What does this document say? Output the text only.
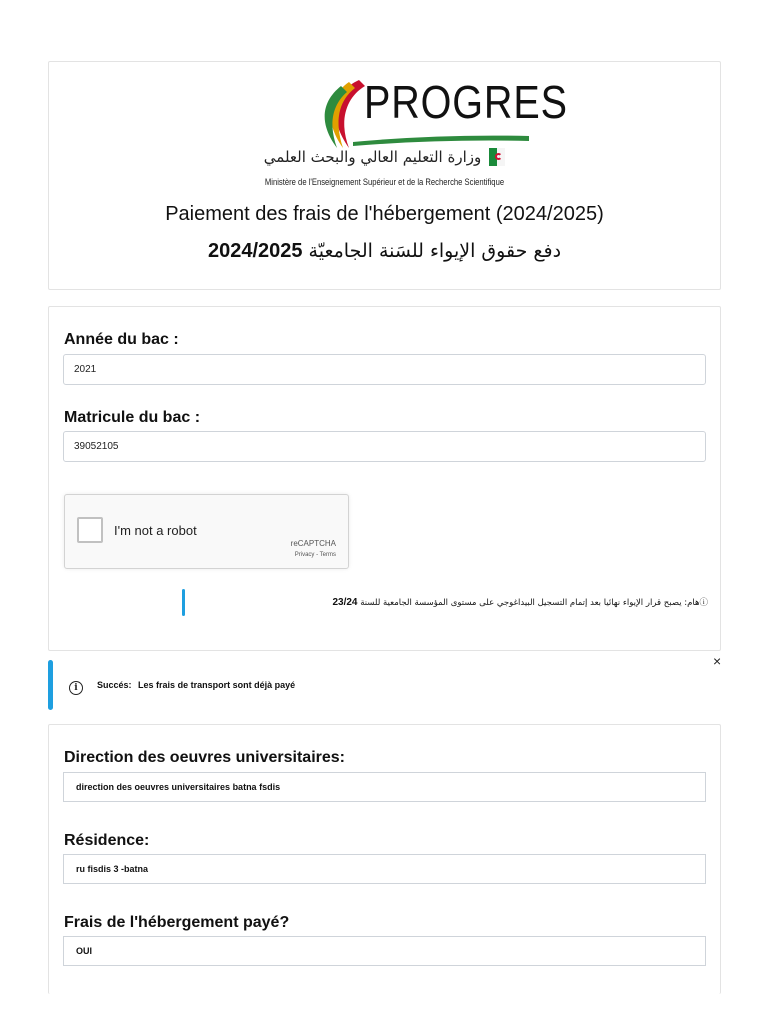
PROGRES
وزارة التعليم العالي والبحث العلمي
Ministère de l'Enseignement Supérieur et de la Recherche Scientifique
Paiement des frais de l'hébergement (2024/2025)
دفع حقوق الإيواء للسَنة الجامعيّة 2024/2025
Année du bac :
2021
Matricule du bac :
39052105
I'm not a robot
reCAPTCHA
Privacy - Terms
ⓘهام: يصبح قرار الإيواء نهائيا بعد إتمام التسجيل البيداغوجي على مستوى المؤسسة الجامعية للسنة 23/24
i	Succés: Les frais de transport sont déjà payé
×
Direction des oeuvres universitaires:
direction des oeuvres universitaires batna fsdis
Résidence:
ru fisdis 3 -batna
Frais de l'hébergement payé?
OUI
